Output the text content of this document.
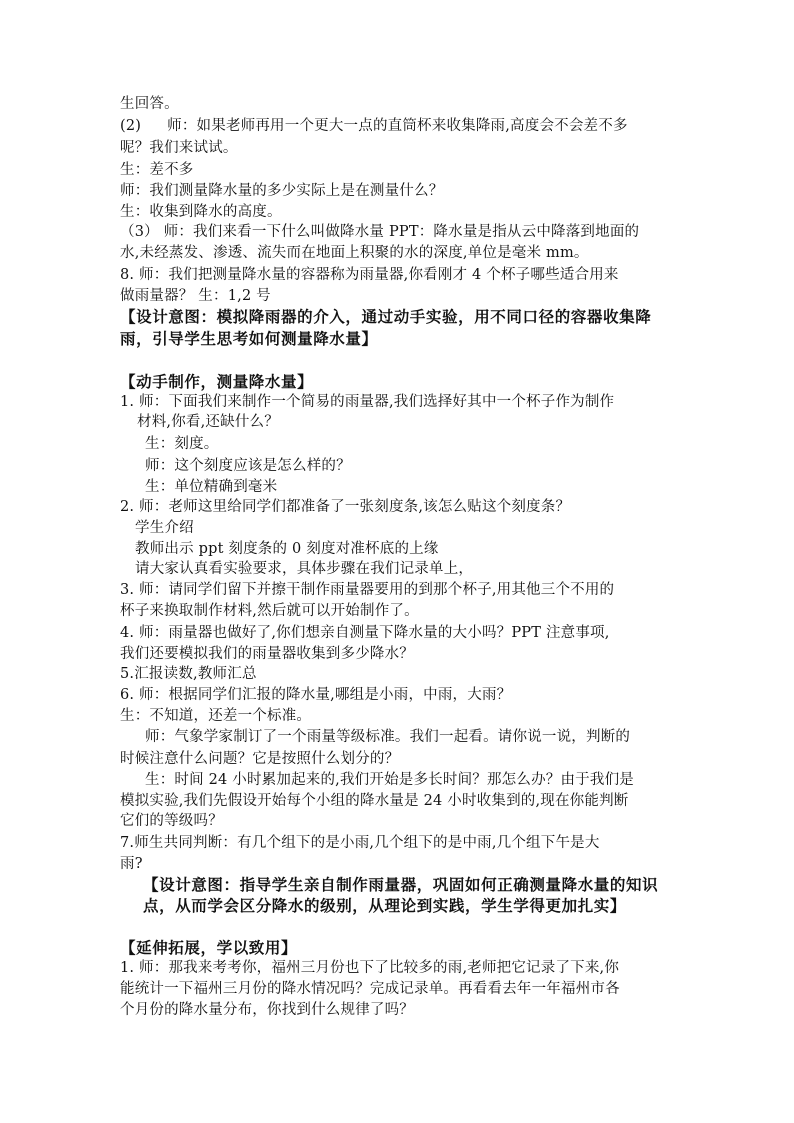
生回答。
(2) 师：如果老师再用一个更大一点的直筒杯来收集降雨,高度会不会差不多
呢？我们来试试。
生：差不多
师：我们测量降水量的多少实际上是在测量什么？
生：收集到降水的高度。
（3） 师：我们来看一下什么叫做降水量 PPT：降水量是指从云中降落到地面的
水,未经蒸发、渗透、流失而在地面上积聚的水的深度,单位是毫米 mm。
8. 师：我们把测量降水量的容器称为雨量器,你看刚才 4 个杯子哪些适合用来
做雨量器？ 生：1,2 号
【设计意图：模拟降雨器的介入，通过动手实验，用不同口径的容器收集降
雨，引导学生思考如何测量降水量】
【动手制作，测量降水量】
1. 师：下面我们来制作一个简易的雨量器,我们选择好其中一个杯子作为制作
材料,你看,还缺什么？
生：刻度。
师：这个刻度应该是怎么样的？
生：单位精确到毫米
2. 师：老师这里给同学们都准备了一张刻度条,该怎么贴这个刻度条？
学生介绍
教师出示 ppt 刻度条的 0 刻度对准杯底的上缘
请大家认真看实验要求，具体步骤在我们记录单上，
3. 师：请同学们留下并擦干制作雨量器要用的到那个杯子,用其他三个不用的
杯子来换取制作材料,然后就可以开始制作了。
4. 师：雨量器也做好了,你们想亲自测量下降水量的大小吗？PPT 注意事项,
我们还要模拟我们的雨量器收集到多少降水？
5.汇报读数,教师汇总
6. 师：根据同学们汇报的降水量,哪组是小雨，中雨，大雨？
生：不知道，还差一个标准。
师：气象学家制订了一个雨量等级标准。我们一起看。请你说一说，判断的
时候注意什么问题？它是按照什么划分的？
生：时间 24 小时累加起来的,我们开始是多长时间？那怎么办？由于我们是
模拟实验,我们先假设开始每个小组的降水量是 24 小时收集到的,现在你能判断
它们的等级吗？
7.师生共同判断：有几个组下的是小雨,几个组下的是中雨,几个组下午是大
雨?
【设计意图：指导学生亲自制作雨量器，巩固如何正确测量降水量的知识
点，从而学会区分降水的级别，从理论到实践，学生学得更加扎实】
【延伸拓展，学以致用】
1. 师：那我来考考你，福州三月份也下了比较多的雨,老师把它记录了下来,你
能统计一下福州三月份的降水情况吗？完成记录单。再看看去年一年福州市各
个月份的降水量分布，你找到什么规律了吗？
